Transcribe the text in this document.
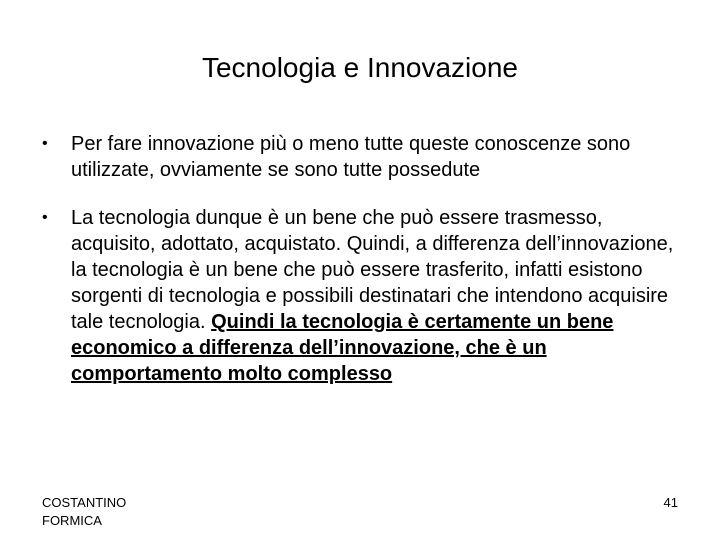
Tecnologia e Innovazione
•	Per fare innovazione più o meno tutte queste conoscenze sono utilizzate, ovviamente se sono tutte possedute
•	La tecnologia dunque è un bene che può essere trasmesso, acquisito, adottato, acquistato. Quindi, a differenza dell’innovazione, la tecnologia è un bene che può essere trasferito, infatti esistono sorgenti di tecnologia e possibili destinatari che intendono acquisire tale tecnologia. Quindi la tecnologia è certamente un bene economico a differenza dell’innovazione, che è un comportamento molto complesso
COSTANTINO FORMICA
41
